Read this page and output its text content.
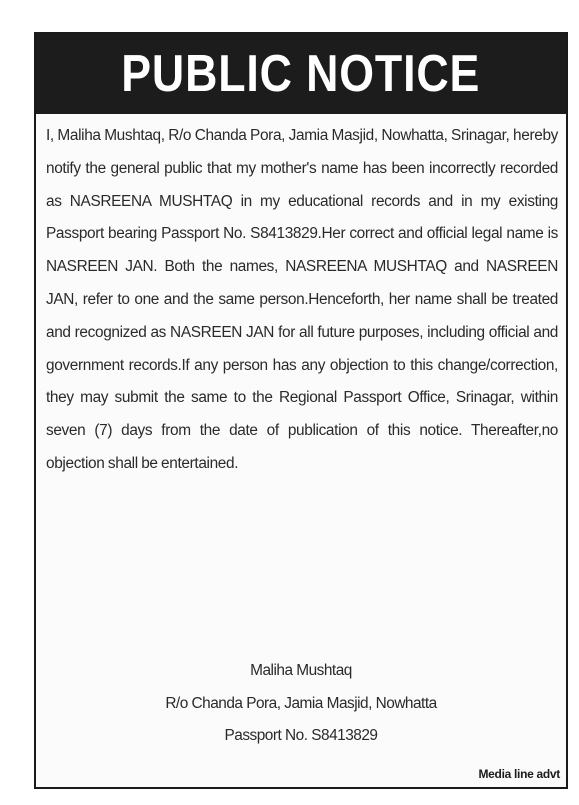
PUBLIC NOTICE
I, Maliha Mushtaq, R/o Chanda Pora, Jamia Masjid, Nowhatta, Srinagar, hereby notify the general public that my mother's name has been incorrectly recorded as NASREENA MUSHTAQ in my educational records and in my existing Passport bearing Passport No. S8413829.Her correct and official legal name is NASREEN JAN. Both the names, NASREENA MUSHTAQ and NASREEN JAN, refer to one and the same person.Henceforth, her name shall be treated and recognized as NASREEN JAN for all future purposes, including official and government records.If any person has any objection to this change/correction, they may submit the same to the Regional Passport Office, Srinagar, within seven (7) days from the date of publication of this notice. Thereafter,no objection shall be entertained.
Maliha Mushtaq
R/o Chanda Pora, Jamia Masjid, Nowhatta
Passport No. S8413829
Media line advt
